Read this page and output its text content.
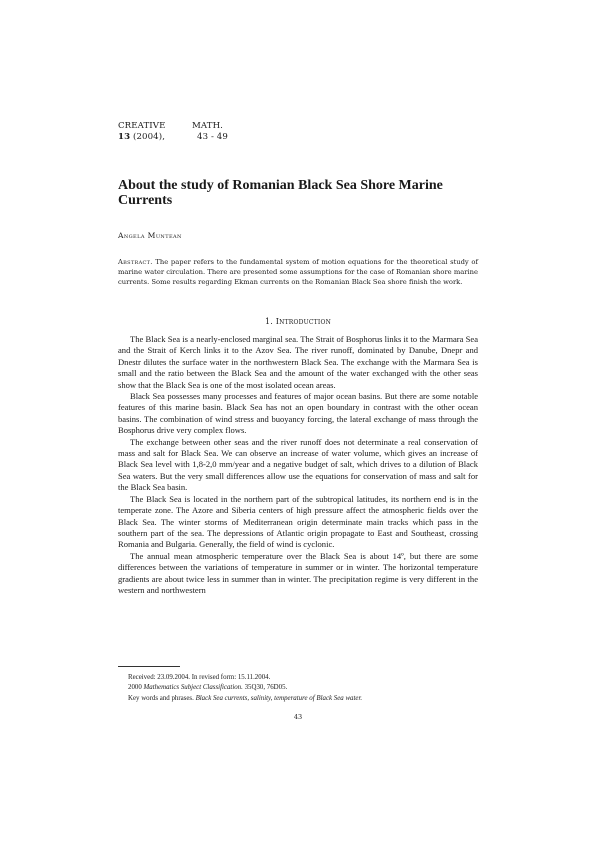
CREATIVE	MATH.
13 (2004),	43 - 49
About the study of Romanian Black Sea Shore Marine Currents
Angela Muntean

Abstract. The paper refers to the fundamental system of motion equations for the theoretical study of marine water circulation. There are presented some assumptions for the case of Romanian shore marine currents. Some results regarding Ekman currents on the Romanian Black Sea shore finish the work.

1. Introduction

The Black Sea is a nearly-enclosed marginal sea. The Strait of Bosphorus links it to the Marmara Sea and the Strait of Kerch links it to the Azov Sea. The river runoff, dominated by Danube, Dnepr and Dnestr dilutes the surface water in the northwestern Black Sea. The exchange with the Marmara Sea is small and the ratio between the Black Sea and the amount of the water exchanged with the other seas show that the Black Sea is one of the most isolated ocean areas.

Black Sea possesses many processes and features of major ocean basins. But there are some notable features of this marine basin. Black Sea has not an open boundary in contrast with the other ocean basins. The combination of wind stress and buoyancy forcing, the lateral exchange of mass through the Bosphorus drive very complex flows.

The exchange between other seas and the river runoff does not determinate a real conservation of mass and salt for Black Sea. We can observe an increase of water volume, which gives an increase of Black Sea level with 1,8-2,0 mm/year and a negative budget of salt, which drives to a dilution of Black Sea waters. But the very small differences allow use the equations for conservation of mass and salt for the Black Sea basin.

The Black Sea is located in the northern part of the subtropical latitudes, its northern end is in the temperate zone. The Azore and Siberia centers of high pressure affect the atmospheric fields over the Black Sea. The winter storms of Mediterranean origin determinate main tracks which pass in the southern part of the sea. The depressions of Atlantic origin propagate to East and Southeast, crossing Romania and Bulgaria. Generally, the field of wind is cyclonic.

The annual mean atmospheric temperature over the Black Sea is about 14º, but there are some differences between the variations of temperature in summer or in winter. The horizontal temperature gradients are about twice less in summer than in winter. The precipitation regime is very different in the western and northwestern

Received: 23.09.2004. In revised form: 15.11.2004.
2000 Mathematics Subject Classification. 35Q30, 76D05.
Key words and phrases. Black Sea currents, salinity, temperature of Black Sea water.
43
